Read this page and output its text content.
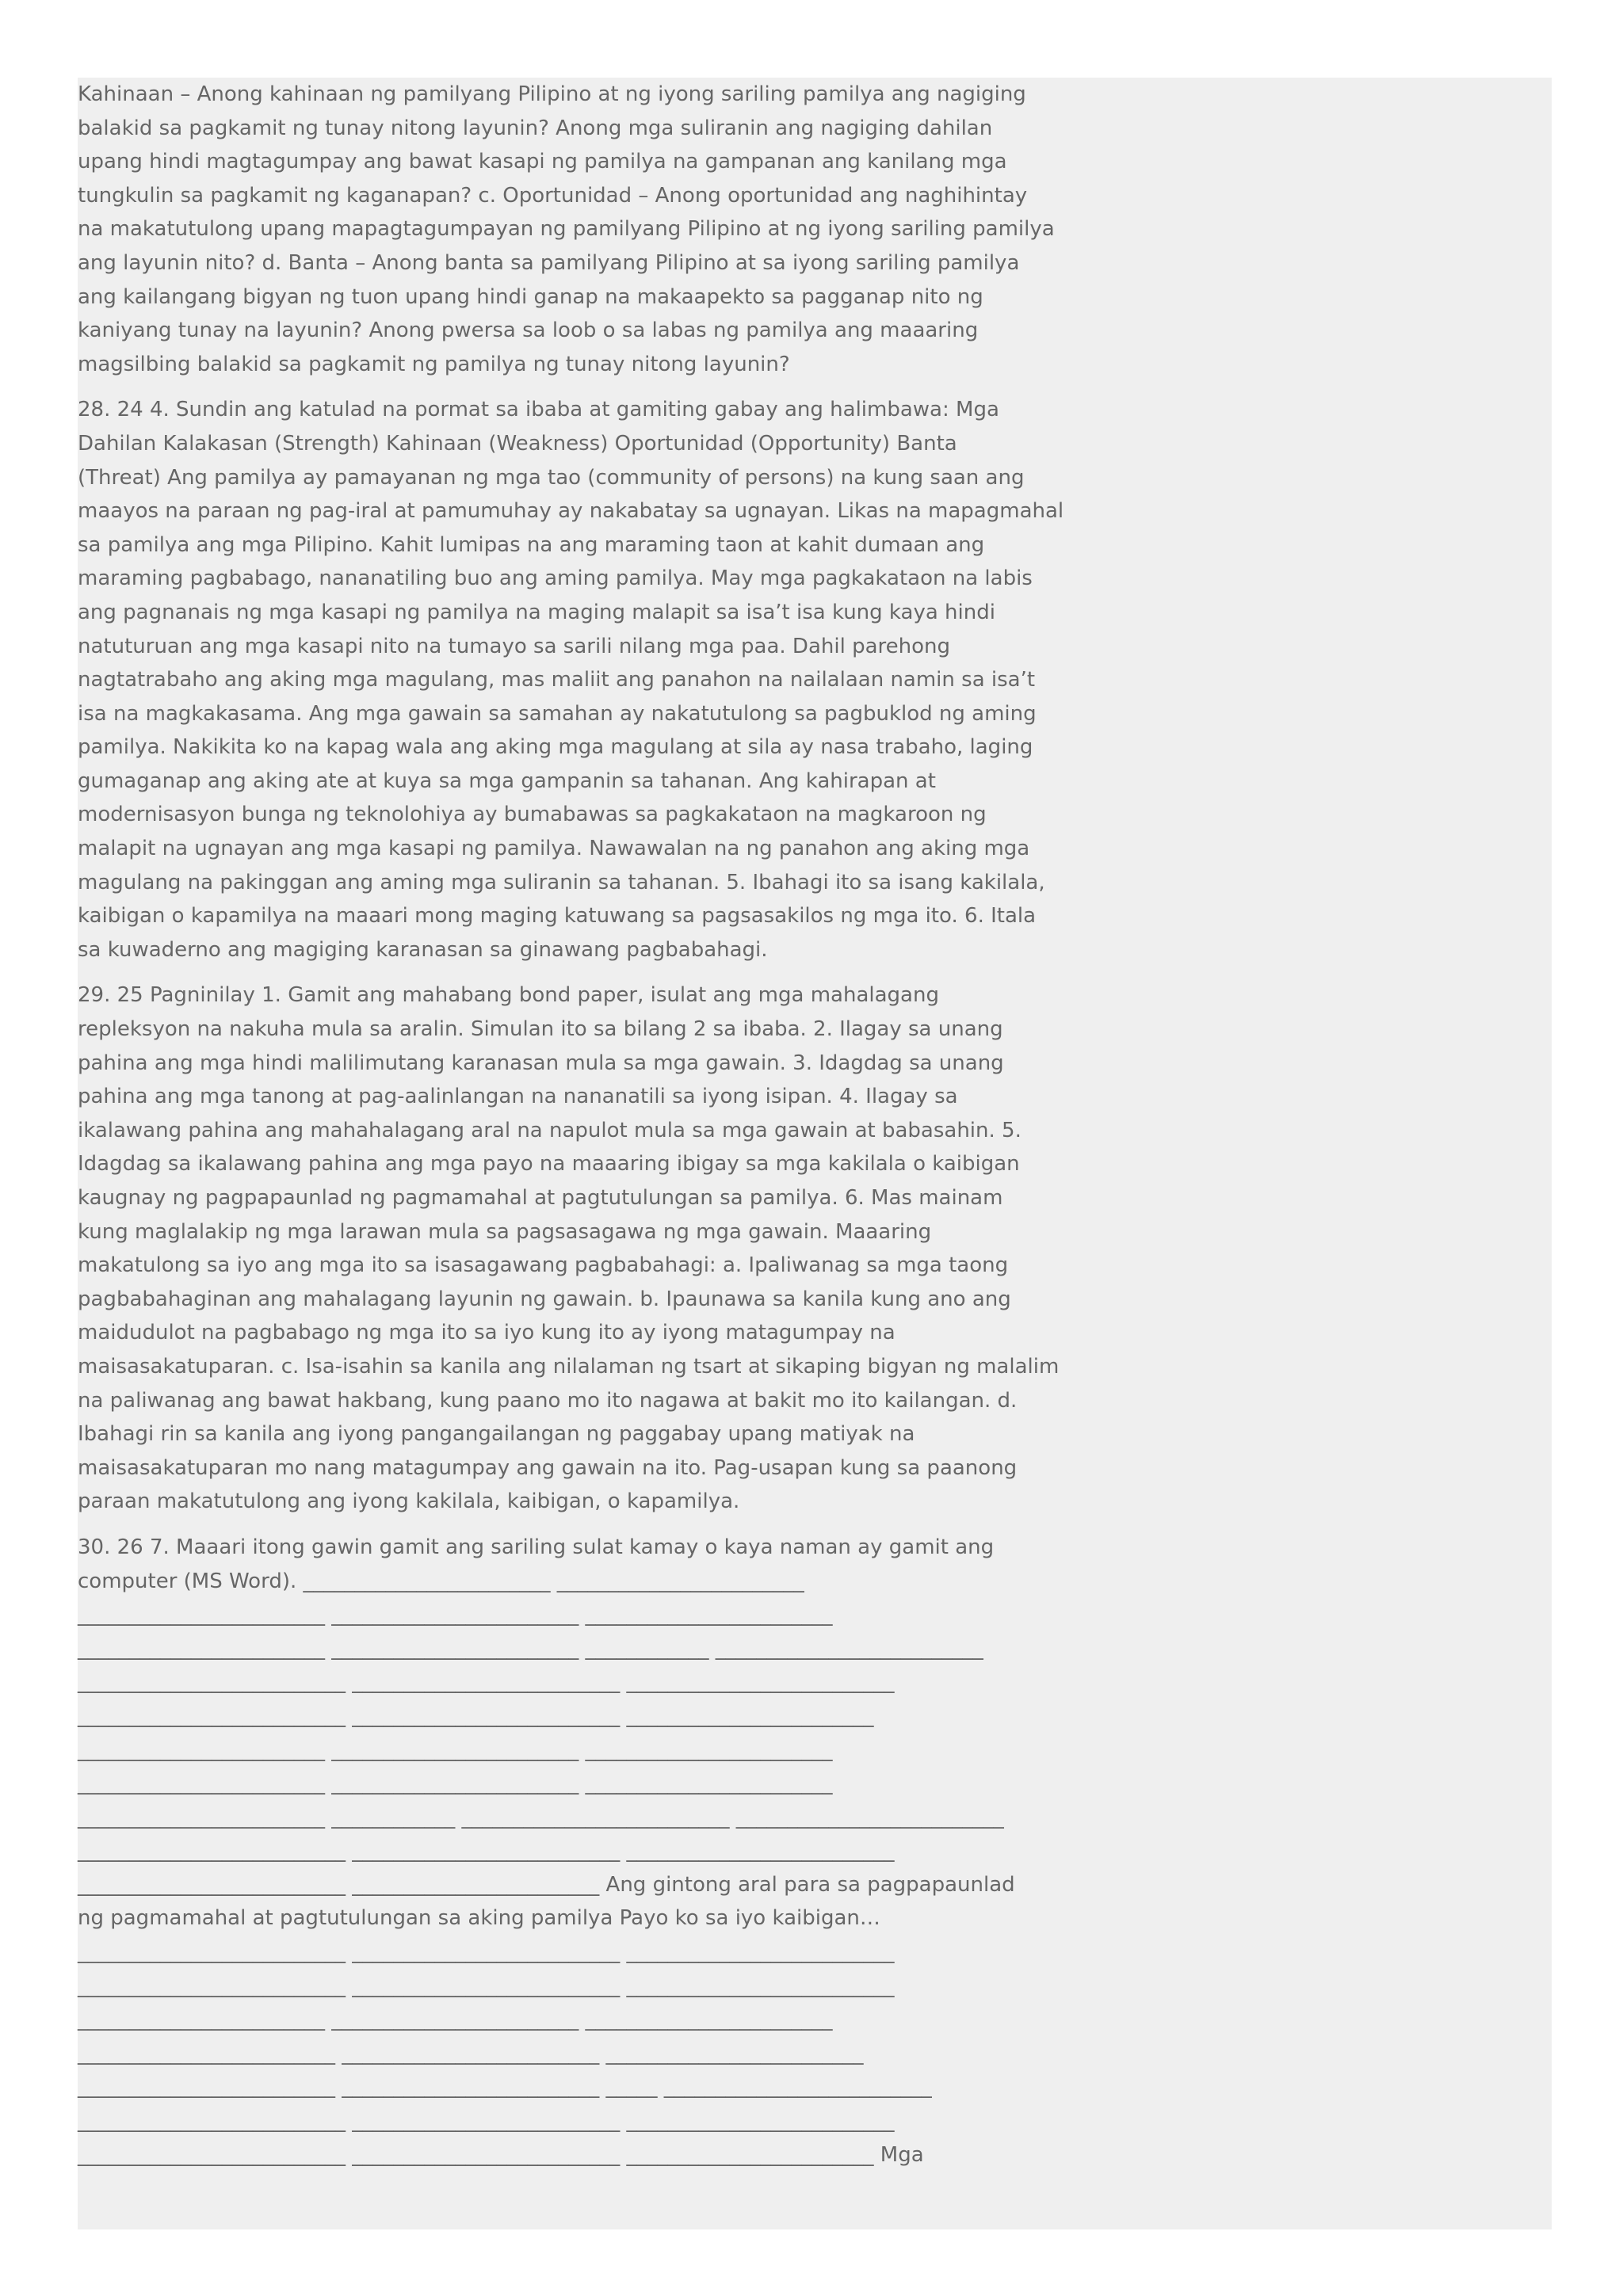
Kahinaan – Anong kahinaan ng pamilyang Pilipino at ng iyong sariling pamilya ang nagiging
balakid sa pagkamit ng tunay nitong layunin? Anong mga suliranin ang nagiging dahilan
upang hindi magtagumpay ang bawat kasapi ng pamilya na gampanan ang kanilang mga
tungkulin sa pagkamit ng kaganapan? c. Oportunidad – Anong oportunidad ang naghihintay
na makatutulong upang mapagtagumpayan ng pamilyang Pilipino at ng iyong sariling pamilya
ang layunin nito? d. Banta – Anong banta sa pamilyang Pilipino at sa iyong sariling pamilya
ang kailangang bigyan ng tuon upang hindi ganap na makaapekto sa pagganap nito ng
kaniyang tunay na layunin? Anong pwersa sa loob o sa labas ng pamilya ang maaaring
magsilbing balakid sa pagkamit ng pamilya ng tunay nitong layunin?

28. 24 4. Sundin ang katulad na pormat sa ibaba at gamiting gabay ang halimbawa: Mga
Dahilan Kalakasan (Strength) Kahinaan (Weakness) Oportunidad (Opportunity) Banta
(Threat) Ang pamilya ay pamayanan ng mga tao (community of persons) na kung saan ang
maayos na paraan ng pag-iral at pamumuhay ay nakabatay sa ugnayan. Likas na mapagmahal
sa pamilya ang mga Pilipino. Kahit lumipas na ang maraming taon at kahit dumaan ang
maraming pagbabago, nananatiling buo ang aming pamilya. May mga pagkakataon na labis
ang pagnanais ng mga kasapi ng pamilya na maging malapit sa isa’t isa kung kaya hindi
natuturuan ang mga kasapi nito na tumayo sa sarili nilang mga paa. Dahil parehong
nagtatrabaho ang aking mga magulang, mas maliit ang panahon na nailalaan namin sa isa’t
isa na magkakasama. Ang mga gawain sa samahan ay nakatutulong sa pagbuklod ng aming
pamilya. Nakikita ko na kapag wala ang aking mga magulang at sila ay nasa trabaho, laging
gumaganap ang aking ate at kuya sa mga gampanin sa tahanan. Ang kahirapan at
modernisasyon bunga ng teknolohiya ay bumabawas sa pagkakataon na magkaroon ng
malapit na ugnayan ang mga kasapi ng pamilya. Nawawalan na ng panahon ang aking mga
magulang na pakinggan ang aming mga suliranin sa tahanan. 5. Ibahagi ito sa isang kakilala,
kaibigan o kapamilya na maaari mong maging katuwang sa pagsasakilos ng mga ito. 6. Itala
sa kuwaderno ang magiging karanasan sa ginawang pagbabahagi.

29. 25 Pagninilay 1. Gamit ang mahabang bond paper, isulat ang mga mahalagang
repleksyon na nakuha mula sa aralin. Simulan ito sa bilang 2 sa ibaba. 2. Ilagay sa unang
pahina ang mga hindi malilimutang karanasan mula sa mga gawain. 3. Idagdag sa unang
pahina ang mga tanong at pag-aalinlangan na nananatili sa iyong isipan. 4. Ilagay sa
ikalawang pahina ang mahahalagang aral na napulot mula sa mga gawain at babasahin. 5.
Idagdag sa ikalawang pahina ang mga payo na maaaring ibigay sa mga kakilala o kaibigan
kaugnay ng pagpapaunlad ng pagmamahal at pagtutulungan sa pamilya. 6. Mas mainam
kung maglalakip ng mga larawan mula sa pagsasagawa ng mga gawain. Maaaring
makatulong sa iyo ang mga ito sa isasagawang pagbabahagi: a. Ipaliwanag sa mga taong
pagbabahaginan ang mahalagang layunin ng gawain. b. Ipaunawa sa kanila kung ano ang
maidudulot na pagbabago ng mga ito sa iyo kung ito ay iyong matagumpay na
maisasakatuparan. c. Isa-isahin sa kanila ang nilalaman ng tsart at sikaping bigyan ng malalim
na paliwanag ang bawat hakbang, kung paano mo ito nagawa at bakit mo ito kailangan. d.
Ibahagi rin sa kanila ang iyong pangangailangan ng paggabay upang matiyak na
maisasakatuparan mo nang matagumpay ang gawain na ito. Pag-usapan kung sa paanong
paraan makatutulong ang iyong kakilala, kaibigan, o kapamilya.

30. 26 7. Maaari itong gawin gamit ang sariling sulat kamay o kaya naman ay gamit ang
computer (MS Word). ________________________ ________________________
________________________ ________________________ ________________________
________________________ ________________________ ____________ __________________________
__________________________ __________________________ __________________________
__________________________ __________________________ ________________________
________________________ ________________________ ________________________
________________________ ________________________ ________________________
________________________ ____________ __________________________ __________________________
__________________________ __________________________ __________________________
__________________________ ________________________ Ang gintong aral para sa pagpapaunlad
ng pagmamahal at pagtutulungan sa aking pamilya Payo ko sa iyo kaibigan…
__________________________ __________________________ __________________________
__________________________ __________________________ __________________________
________________________ ________________________ ________________________
_________________________ _________________________ _________________________
_________________________ _________________________ _____ __________________________
__________________________ __________________________ __________________________
__________________________ __________________________ ________________________ Mga
